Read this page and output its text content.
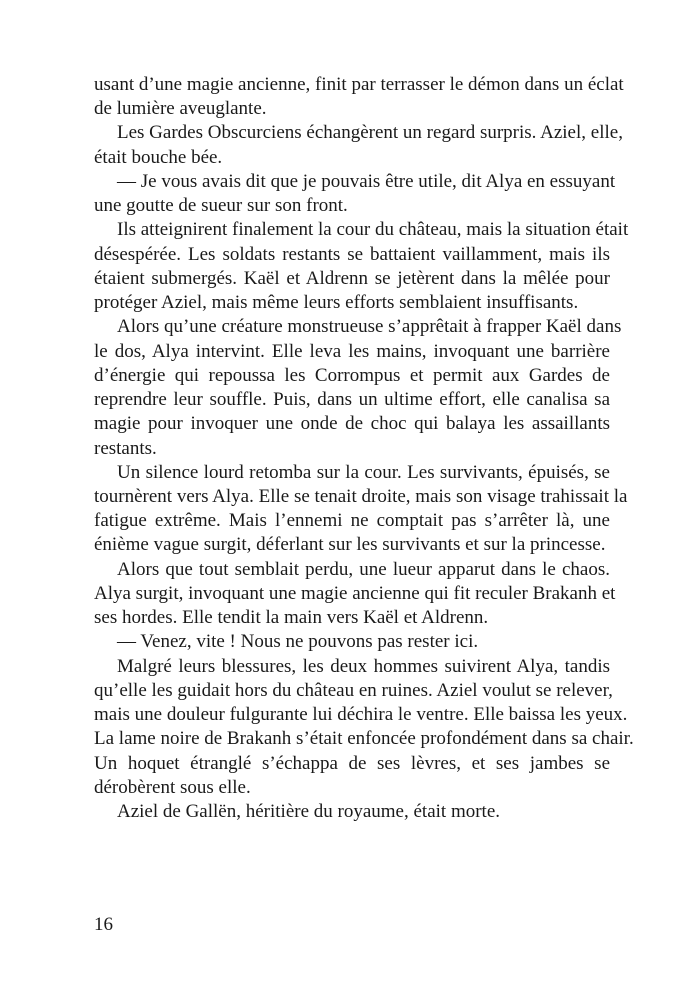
usant d’une magie ancienne, finit par terrasser le démon dans un éclat
de lumière aveuglante.
Les Gardes Obscurciens échangèrent un regard surpris. Aziel, elle,
était bouche bée.
— Je vous avais dit que je pouvais être utile, dit Alya en essuyant
une goutte de sueur sur son front.
Ils atteignirent finalement la cour du château, mais la situation était
désespérée. Les soldats restants se battaient vaillamment, mais ils
étaient submergés. Kaël et Aldrenn se jetèrent dans la mêlée pour
protéger Aziel, mais même leurs efforts semblaient insuffisants.
Alors qu’une créature monstrueuse s’apprêtait à frapper Kaël dans
le dos, Alya intervint. Elle leva les mains, invoquant une barrière
d’énergie qui repoussa les Corrompus et permit aux Gardes de
reprendre leur souffle. Puis, dans un ultime effort, elle canalisa sa
magie pour invoquer une onde de choc qui balaya les assaillants
restants.
Un silence lourd retomba sur la cour. Les survivants, épuisés, se
tournèrent vers Alya. Elle se tenait droite, mais son visage trahissait la
fatigue extrême. Mais l’ennemi ne comptait pas s’arrêter là, une
énième vague surgit, déferlant sur les survivants et sur la princesse.
Alors que tout semblait perdu, une lueur apparut dans le chaos.
Alya surgit, invoquant une magie ancienne qui fit reculer Brakanh et
ses hordes. Elle tendit la main vers Kaël et Aldrenn.
— Venez, vite ! Nous ne pouvons pas rester ici.
Malgré leurs blessures, les deux hommes suivirent Alya, tandis
qu’elle les guidait hors du château en ruines. Aziel voulut se relever,
mais une douleur fulgurante lui déchira le ventre. Elle baissa les yeux.
La lame noire de Brakanh s’était enfoncée profondément dans sa chair.
Un hoquet étranglé s’échappa de ses lèvres, et ses jambes se
dérobèrent sous elle.
Aziel de Gallën, héritière du royaume, était morte.
16
